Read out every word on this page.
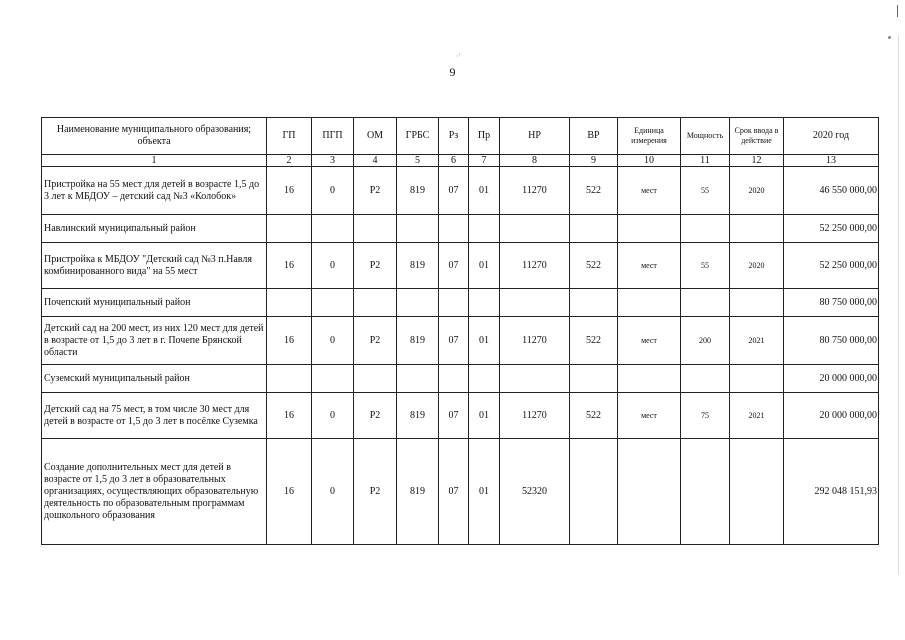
·'
9
Наименование муниципального образования; объекта	ГП	ПГП	ОМ	ГРБС	Рз	Пр	НР	ВР	Единица измерения	Мощность	Срок ввода в действие	2020 год
1	2	3	4	5	6	7	8	9	10	11	12	13
Пристройка на 55 мест для детей в возрасте 1,5 до 3 лет к МБДОУ – детский сад №3 «Колобок»	16	0	Р2	819	07	01	11270	522	мест	55	2020	46 550 000,00
Навлинский муниципальный район												52 250 000,00
Пристройка к МБДОУ "Детский сад №3 п.Навля комбинированного вида" на 55 мест	16	0	Р2	819	07	01	11270	522	мест	55	2020	52 250 000,00
Почепский муниципальный район												80 750 000,00
Детский сад на 200 мест, из них 120 мест для детей в возрасте от 1,5 до 3 лет в г. Почепе Брянской области	16	0	Р2	819	07	01	11270	522	мест	200	2021	80 750 000,00
Суземский муниципальный район												20 000 000,00
Детский сад на 75 мест, в том числе 30 мест для детей в возрасте от 1,5 до 3 лет в посёлке Суземка	16	0	Р2	819	07	01	11270	522	мест	75	2021	20 000 000,00
Создание дополнительных мест для детей в возрасте от 1,5 до 3 лет в образовательных организациях, осуществляющих образовательную деятельность по образовательным программам дошкольного образования	16	0	Р2	819	07	01	52320					292 048 151,93
